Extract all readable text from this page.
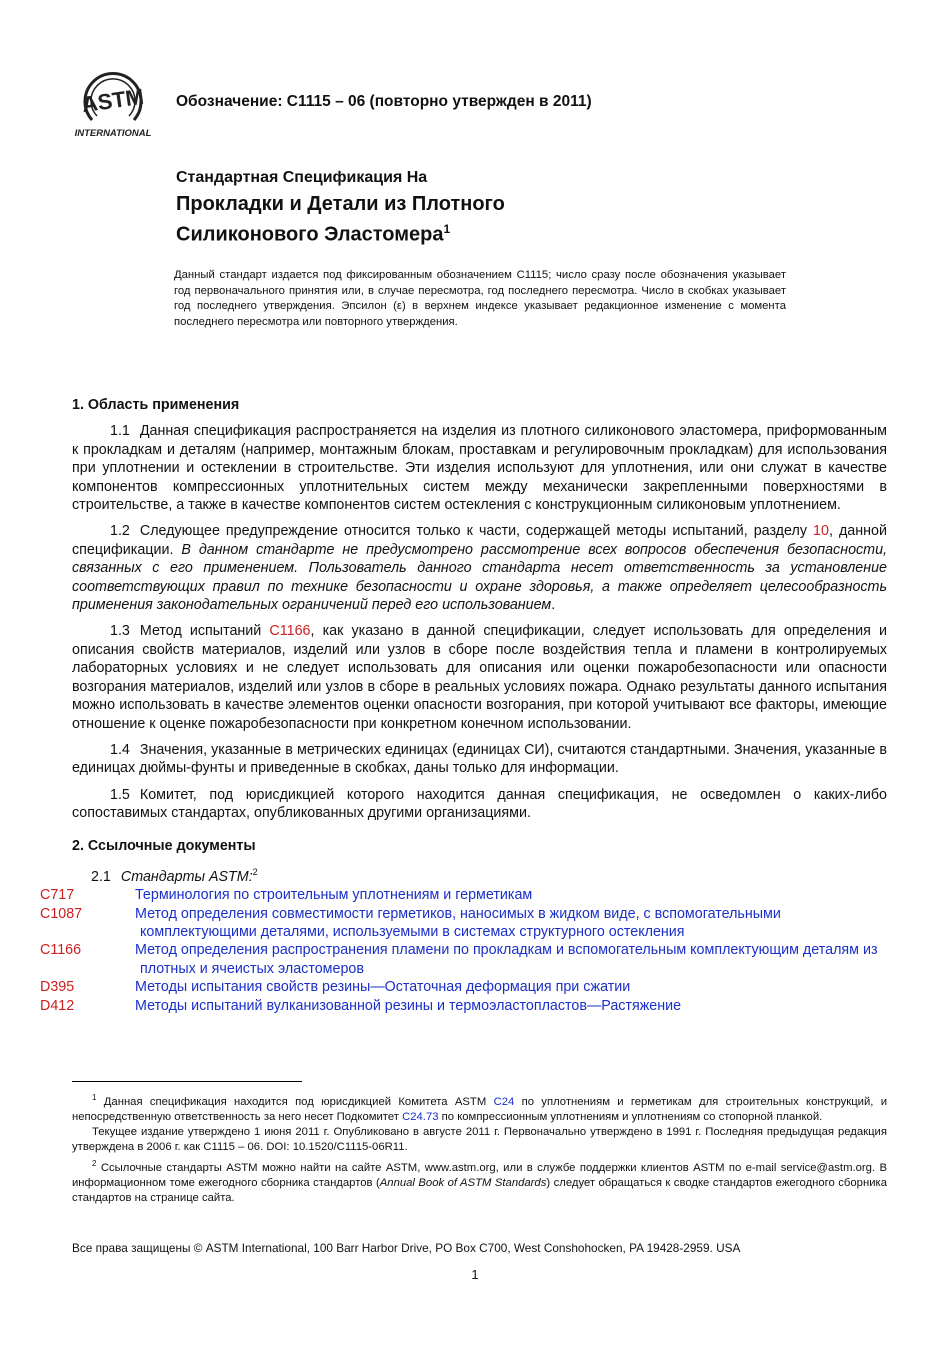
ASTM
INTERNATIONAL
Обозначение: C1115 – 06 (повторно утвержден в 2011)
Стандартная Спецификация На
Прокладки и Детали из Плотного
Силиконового Эластомера$^1$
Данный стандарт издается под фиксированным обозначением C1115; число сразу после обозначения указывает год первоначального принятия или, в случае пересмотра, год последнего пересмотра. Число в скобках указывает год последнего утверждения. Эпсилон (ε) в верхнем индексе указывает редакционное изменение с момента последнего пересмотра или повторного утверждения.
1. Область применения

1.1 Данная спецификация распространяется на изделия из плотного силиконового эластомера, приформованным к прокладкам и деталям (например, монтажным блокам, проставкам и регулировочным прокладкам) для использования при уплотнении и остеклении в строительстве. Эти изделия используют для уплотнения, или они служат в качестве компонентов компрессионных уплотнительных систем между механически закрепленными поверхностями в строительстве, а также в качестве компонентов систем остекления с конструкционным силиконовым уплотнением.

1.2 Следующее предупреждение относится только к части, содержащей методы испытаний, разделу 10, данной спецификации. В данном стандарте не предусмотрено рассмотрение всех вопросов обеспечения безопасности, связанных с его применением. Пользователь данного стандарта несет ответственность за установление соответствующих правил по технике безопасности и охране здоровья, а также определяет целесообразность применения законодательных ограничений перед его использованием.

1.3 Метод испытаний C1166, как указано в данной спецификации, следует использовать для определения и описания свойств материалов, изделий или узлов в сборе после воздействия тепла и пламени в контролируемых лабораторных условиях и не следует использовать для описания или оценки пожаробезопасности или опасности возгорания материалов, изделий или узлов в сборе в реальных условиях пожара. Однако результаты данного испытания можно использовать в качестве элементов оценки опасности возгорания, при которой учитывают все факторы, имеющие отношение к оценке пожаробезопасности при конкретном конечном использовании.

1.4 Значения, указанные в метрических единицах (единицах СИ), считаются стандартными. Значения, указанные в единицах дюймы-фунты и приведенные в скобках, даны только для информации.

1.5 Комитет, под юрисдикцией которого находится данная спецификация, не осведомлен о каких-либо сопоставимых стандартах, опубликованных другими организациями.

2. Ссылочные документы
2.1 Стандарты ASTM:$^2$

C717	Терминология по строительным уплотнениям и герметикам

C1087	Метод определения совместимости герметиков, наносимых в жидком виде, с вспомогательными комплектующими деталями, используемыми в системах структурного остекления

C1166	Метод определения распространения пламени по прокладкам и вспомогательным комплектующим деталям из плотных и ячеистых эластомеров

D395	Методы испытания свойств резины—Остаточная деформация при сжатии

D412	Методы испытаний вулканизованной резины и термоэластопластов—Растяжение

$^1$ Данная спецификация находится под юрисдикцией Комитета ASTM C24 по уплотнениям и герметикам для строительных конструкций, и непосредственную ответственность за него несет Подкомитет C24.73 по компрессионным уплотнениям и уплотнениям со стопорной планкой.

Текущее издание утверждено 1 июня 2011 г. Опубликовано в августе 2011 г. Первоначально утверждено в 1991 г. Последняя предыдущая редакция утверждена в 2006 г. как C1115 – 06. DOI: 10.1520/C1115-06R11.

$^2$ Ссылочные стандарты ASTM можно найти на сайте ASTM, www.astm.org, или в службе поддержки клиентов ASTM по e-mail service@astm.org. В информационном томе ежегодного сборника стандартов (Annual Book of ASTM Standards) следует обращаться к сводке стандартов ежегодного сборника стандартов на странице сайта.

Все права защищены © ASTM International, 100 Barr Harbor Drive, PO Box C700, West Conshohocken, PA 19428-2959. USA
1
